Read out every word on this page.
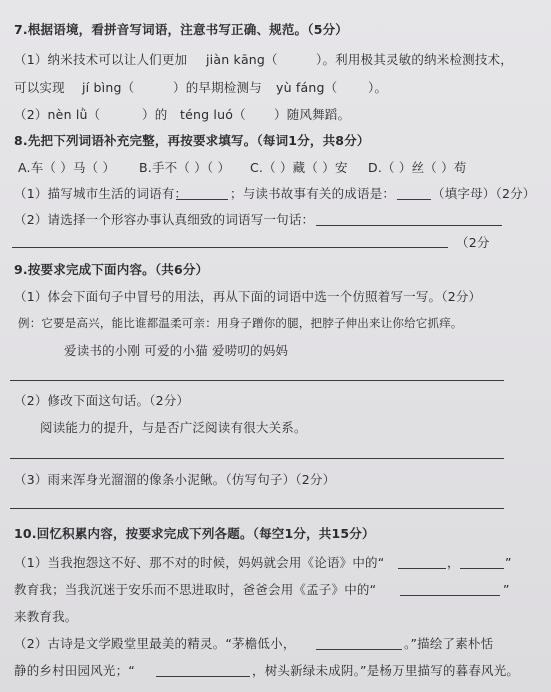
7.根据语境，看拼音写词语，注意书写正确、规范。（5分）
（1）纳米技术可以让人们更加 jiàn kāng（	）。利用极其灵敏的纳米检测技术，
可以实现 jí bìng（	）的早期检测与 yù fáng（ ）。
（2）nèn lǜ（	）的 téng luó（ ）随风舞蹈。
8.先把下列词语补充完整，再按要求填写。（每词1分，共8分）
A.车（ ）马（ ） B.手不（ ）（ ） C.（ ）藏（ ）安 D.（ ）丝（ ）苟
（1）描写城市生活的词语有：	；与读书故事有关的成语是：	（填字母）（2分）
（2）请选择一个形容办事认真细致的词语写一句话：
（2分
9.按要求完成下面内容。（共6分）
（1）体会下面句子中冒号的用法，再从下面的词语中选一个仿照着写一写。（2分）
例：它要是高兴，能比谁都温柔可亲：用身子蹭你的腿，把脖子伸出来让你给它抓痒。
爱读书的小刚 可爱的小猫 爱唠叨的妈妈
（2）修改下面这句话。（2分）
阅读能力的提升，与是否广泛阅读有很大关系。
（3）雨来浑身光溜溜的像条小泥鳅。（仿写句子）（2分）
10.回忆积累内容，按要求完成下列各题。（每空1分，共15分）
（1）当我抱怨这不好、那不对的时候，妈妈就会用《论语》中的“	，	”
教育我；当我沉迷于安乐而不思进取时，爸爸会用《孟子》中的“	”
来教育我。
（2）古诗是文学殿堂里最美的精灵。“茅檐低小，	。”描绘了素朴恬
静的乡村田园风光；“	，树头新绿未成阴。”是杨万里描写的暮春风光。
